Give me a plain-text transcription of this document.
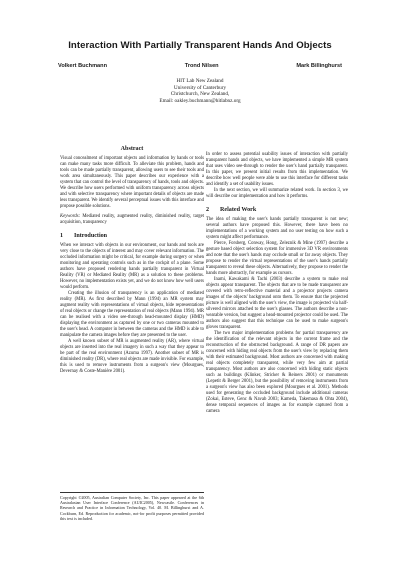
Interaction With Partially Transparent Hands And Objects
Volkert Buchmann	Trond Nilsen	Mark Billinghurst
HIT Lab New Zealand
University of Canterbury
Christchurch, New Zealand,
Email: oakley.buchmann@hitlabnz.org
Abstract

Visual concealment of important objects and information by hands or tools can make many tasks more difficult. To alleviate this problem, hands and tools can be made partially transparent, allowing users to see their tools and work area simultaneously. This paper describes our experience with a system that can control the level of transparency of hands, tools and objects. We describe how users performed with uniform transparency across objects and with selective transparency where important details of objects are made less transparent. We identify several perceptual issues with this interface and propose possible solutions.

Keywords: Mediated reality, augmented reality, diminished reality, target acquisition, transparency

1 Introduction

When we interact with objects in our environment, our hands and tools are very close to the objects of interest and may cover relevant information. The occluded information might be critical, for example during surgery or when monitoring and operating controls such as in the cockpit of a plane. Some authors have proposed rendering hands partially transparent in Virtual Reality (VR) or Mediated Reality (MR) as a solution to these problems. However, no implementation exists yet, and we do not know how well users would perform.

Creating the illusion of transparency is an application of mediated reality (MR). As first described by Mann (1994) an MR system may augment reality with representations of virtual objects, hide representations of real objects or change the representation of real objects (Mann 1994). MR can be realised with a video see-through head-mounted display (HMD) displaying the environment as captured by one or two cameras mounted to the user's head. A computer in between the cameras and the HMD is able to manipulate the camera images before they are presented to the user.

A well known subset of MR is augmented reality (AR), where virtual objects are inserted into the real imagery in such a way that they appear to be part of the real environment (Azuma 1997). Another subset of MR is diminished reality (DR), where real objects are made invisible. For example, this is used to remove instruments from a surgeon's view (Mourgues, Devernay & Coste-Manière 2001).

Copyright ©2005, Australian Computer Society, Inc. This paper appeared at the 6th Australasian User Interface Conference (AUIC2005), Newcastle. Conferences in Research and Practice in Information Technology, Vol. 40. M. Billinghurst and A. Cockburn, Ed. Reproduction for academic, not-for profit purposes permitted provided this text is included.

In order to assess potential usability issues of interaction with partially transparent hands and objects, we have implemented a simple MR system that uses video see-through to render the user's hand partially transparent. In this paper, we present initial results from this implementation. We describe how well people were able to use this interface for different tasks and identify a set of usability issues.

In the next section, we will summarize related work. In section 3, we will describe our implementation and how it performs.

2 Related Work

The idea of making the user's hands partially transparent is not new; several authors have proposed this. However, there have been no implementations of a working system and no user testing on how such a system might affect performance.

Pierce, Forsberg, Conway, Hong, Zeleznik & Mine (1997) describe a gesture based object selection system for immersive 3D VR environments and note that the user's hands may occlude small or far away objects. They propose to render the virtual representations of the user's hands partially transparent to reveal these objects. Alternatively, they propose to render the hands more abstractly, for example as cursors.

Inami, Kawakami & Tachi (2003) describe a system to make real objects appear transparent. The objects that are to be made transparent are covered with retro-reflective material and a projector projects camera images of the objects' background onto them. To ensure that the projected picture is well aligned with the user's view, the image is projected via half-silvered mirrors attached to the user's glasses. The authors describe a non-wearable version, but suggest a head-mounted projector could be used. The authors also suggest that this technique can be used to make surgeon's gloves transparent.

The two major implementation problems for partial transparency are the identification of the relevant objects in the current frame and the reconstruction of the obstructed background. A range of DR papers are concerned with hiding real objects from the user's view by replacing them with their estimated background. Most authors are concerned with making real objects completely transparent, while very few aim at partial transparency. Most authors are also concerned with hiding static objects such as buildings (Klinker, Stricker & Reiners 2001) or monuments (Lepetit & Berger 2001), but the possibility of removing instruments from a surgeon's view has also been explored (Mourgues et al. 2001). Methods used for generating the occluded background include additional cameras (Zokai, Esteve, Genc & Navab 2003; Kameda, Takemasa & Ohta 2004), dense temporal sequences of images as for example captured from a camera
